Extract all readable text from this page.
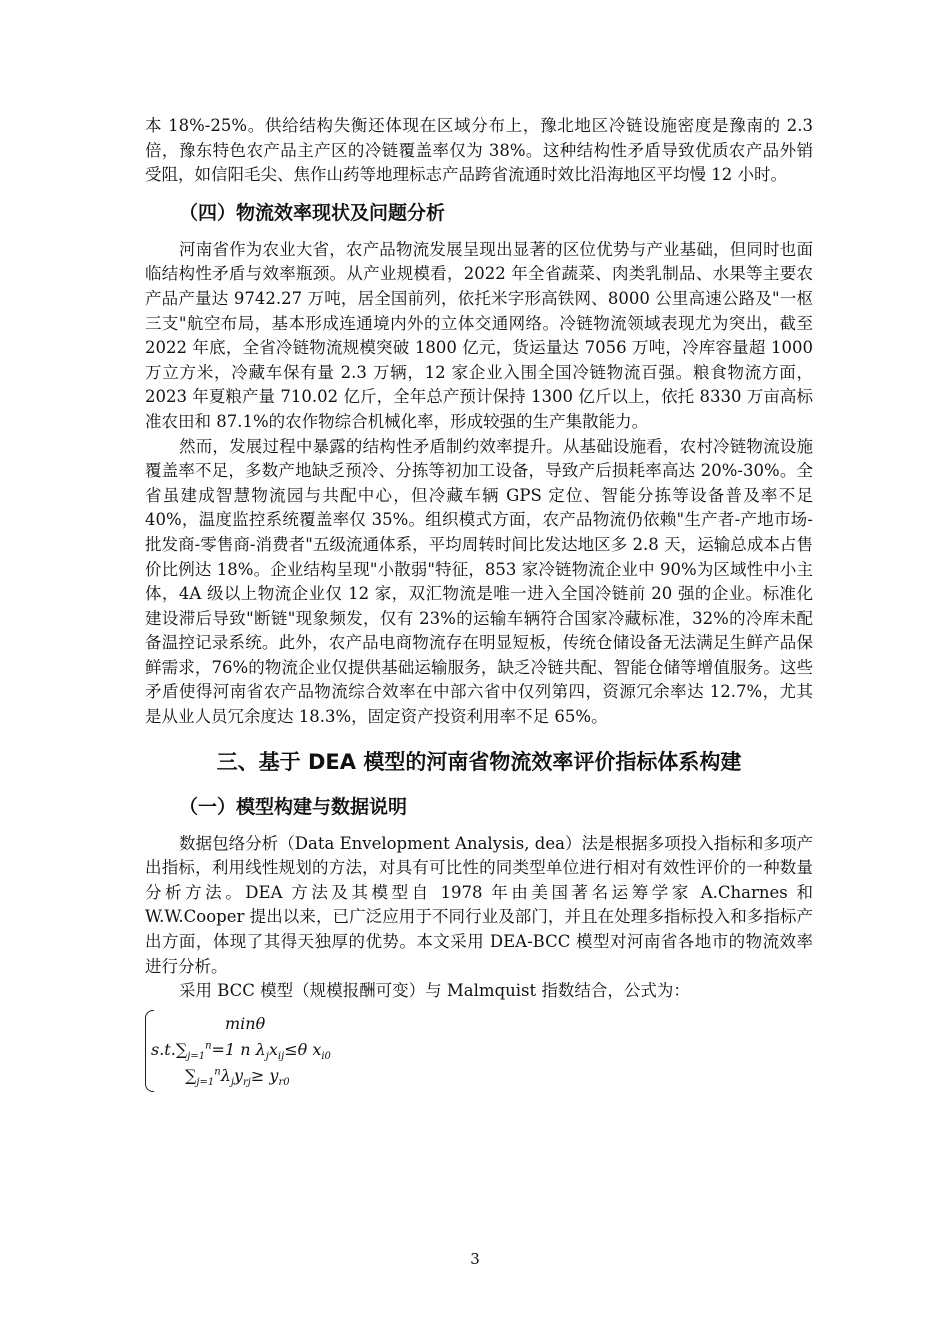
本 18%-25%。供给结构失衡还体现在区域分布上，豫北地区冷链设施密度是豫南的 2.3 倍，豫东特色农产品主产区的冷链覆盖率仅为 38%。这种结构性矛盾导致优质农产品外销受阻，如信阳毛尖、焦作山药等地理标志产品跨省流通时效比沿海地区平均慢 12 小时。

（四）物流效率现状及问题分析

河南省作为农业大省，农产品物流发展呈现出显著的区位优势与产业基础，但同时也面临结构性矛盾与效率瓶颈。从产业规模看，2022 年全省蔬菜、肉类乳制品、水果等主要农产品产量达 9742.27 万吨，居全国前列，依托米字形高铁网、8000 公里高速公路及"一枢三支"航空布局，基本形成连通境内外的立体交通网络。冷链物流领域表现尤为突出，截至 2022 年底，全省冷链物流规模突破 1800 亿元，货运量达 7056 万吨，冷库容量超 1000 万立方米，冷藏车保有量 2.3 万辆，12 家企业入围全国冷链物流百强。粮食物流方面，2023 年夏粮产量 710.02 亿斤，全年总产预计保持 1300 亿斤以上，依托 8330 万亩高标准农田和 87.1%的农作物综合机械化率，形成较强的生产集散能力。

然而，发展过程中暴露的结构性矛盾制约效率提升。从基础设施看，农村冷链物流设施覆盖率不足，多数产地缺乏预冷、分拣等初加工设备，导致产后损耗率高达 20%-30%。全省虽建成智慧物流园与共配中心，但冷藏车辆 GPS 定位、智能分拣等设备普及率不足 40%，温度监控系统覆盖率仅 35%。组织模式方面，农产品物流仍依赖"生产者-产地市场-批发商-零售商-消费者"五级流通体系，平均周转时间比发达地区多 2.8 天，运输总成本占售价比例达 18%。企业结构呈现"小散弱"特征，853 家冷链物流企业中 90%为区域性中小主体，4A 级以上物流企业仅 12 家，双汇物流是唯一进入全国冷链前 20 强的企业。标准化建设滞后导致"断链"现象频发，仅有 23%的运输车辆符合国家冷藏标准，32%的冷库未配备温控记录系统。此外，农产品电商物流存在明显短板，传统仓储设备无法满足生鲜产品保鲜需求，76%的物流企业仅提供基础运输服务，缺乏冷链共配、智能仓储等增值服务。这些矛盾使得河南省农产品物流综合效率在中部六省中仅列第四，资源冗余率达 12.7%，尤其是从业人员冗余度达 18.3%，固定资产投资利用率不足 65%。

三、基于 DEA 模型的河南省物流效率评价指标体系构建
（一）模型构建与数据说明

数据包络分析（Data Envelopment Analysis, dea）法是根据多项投入指标和多项产出指标，利用线性规划的方法，对具有可比性的同类型单位进行相对有效性评价的一种数量分析方法。DEA 方法及其模型自 1978 年由美国著名运筹学家 A.Charnes 和 W.W.Cooper 提出以来，已广泛应用于不同行业及部门，并且在处理多指标投入和多指标产出方面，体现了其得天独厚的优势。本文采用 DEA-BCC 模型对河南省各地市的物流效率进行分析。

采用 BCC 模型（规模报酬可变）与 Malmquist 指数结合，公式为：

minθ
$s.t.\sum_{j=1}^n=1$ n $\lambda_jx_{ij}\le\theta$ $x_{i0}$
$\sum_{j=1}^n\lambda_jy_{rj}\ge y_{r0}$
3
